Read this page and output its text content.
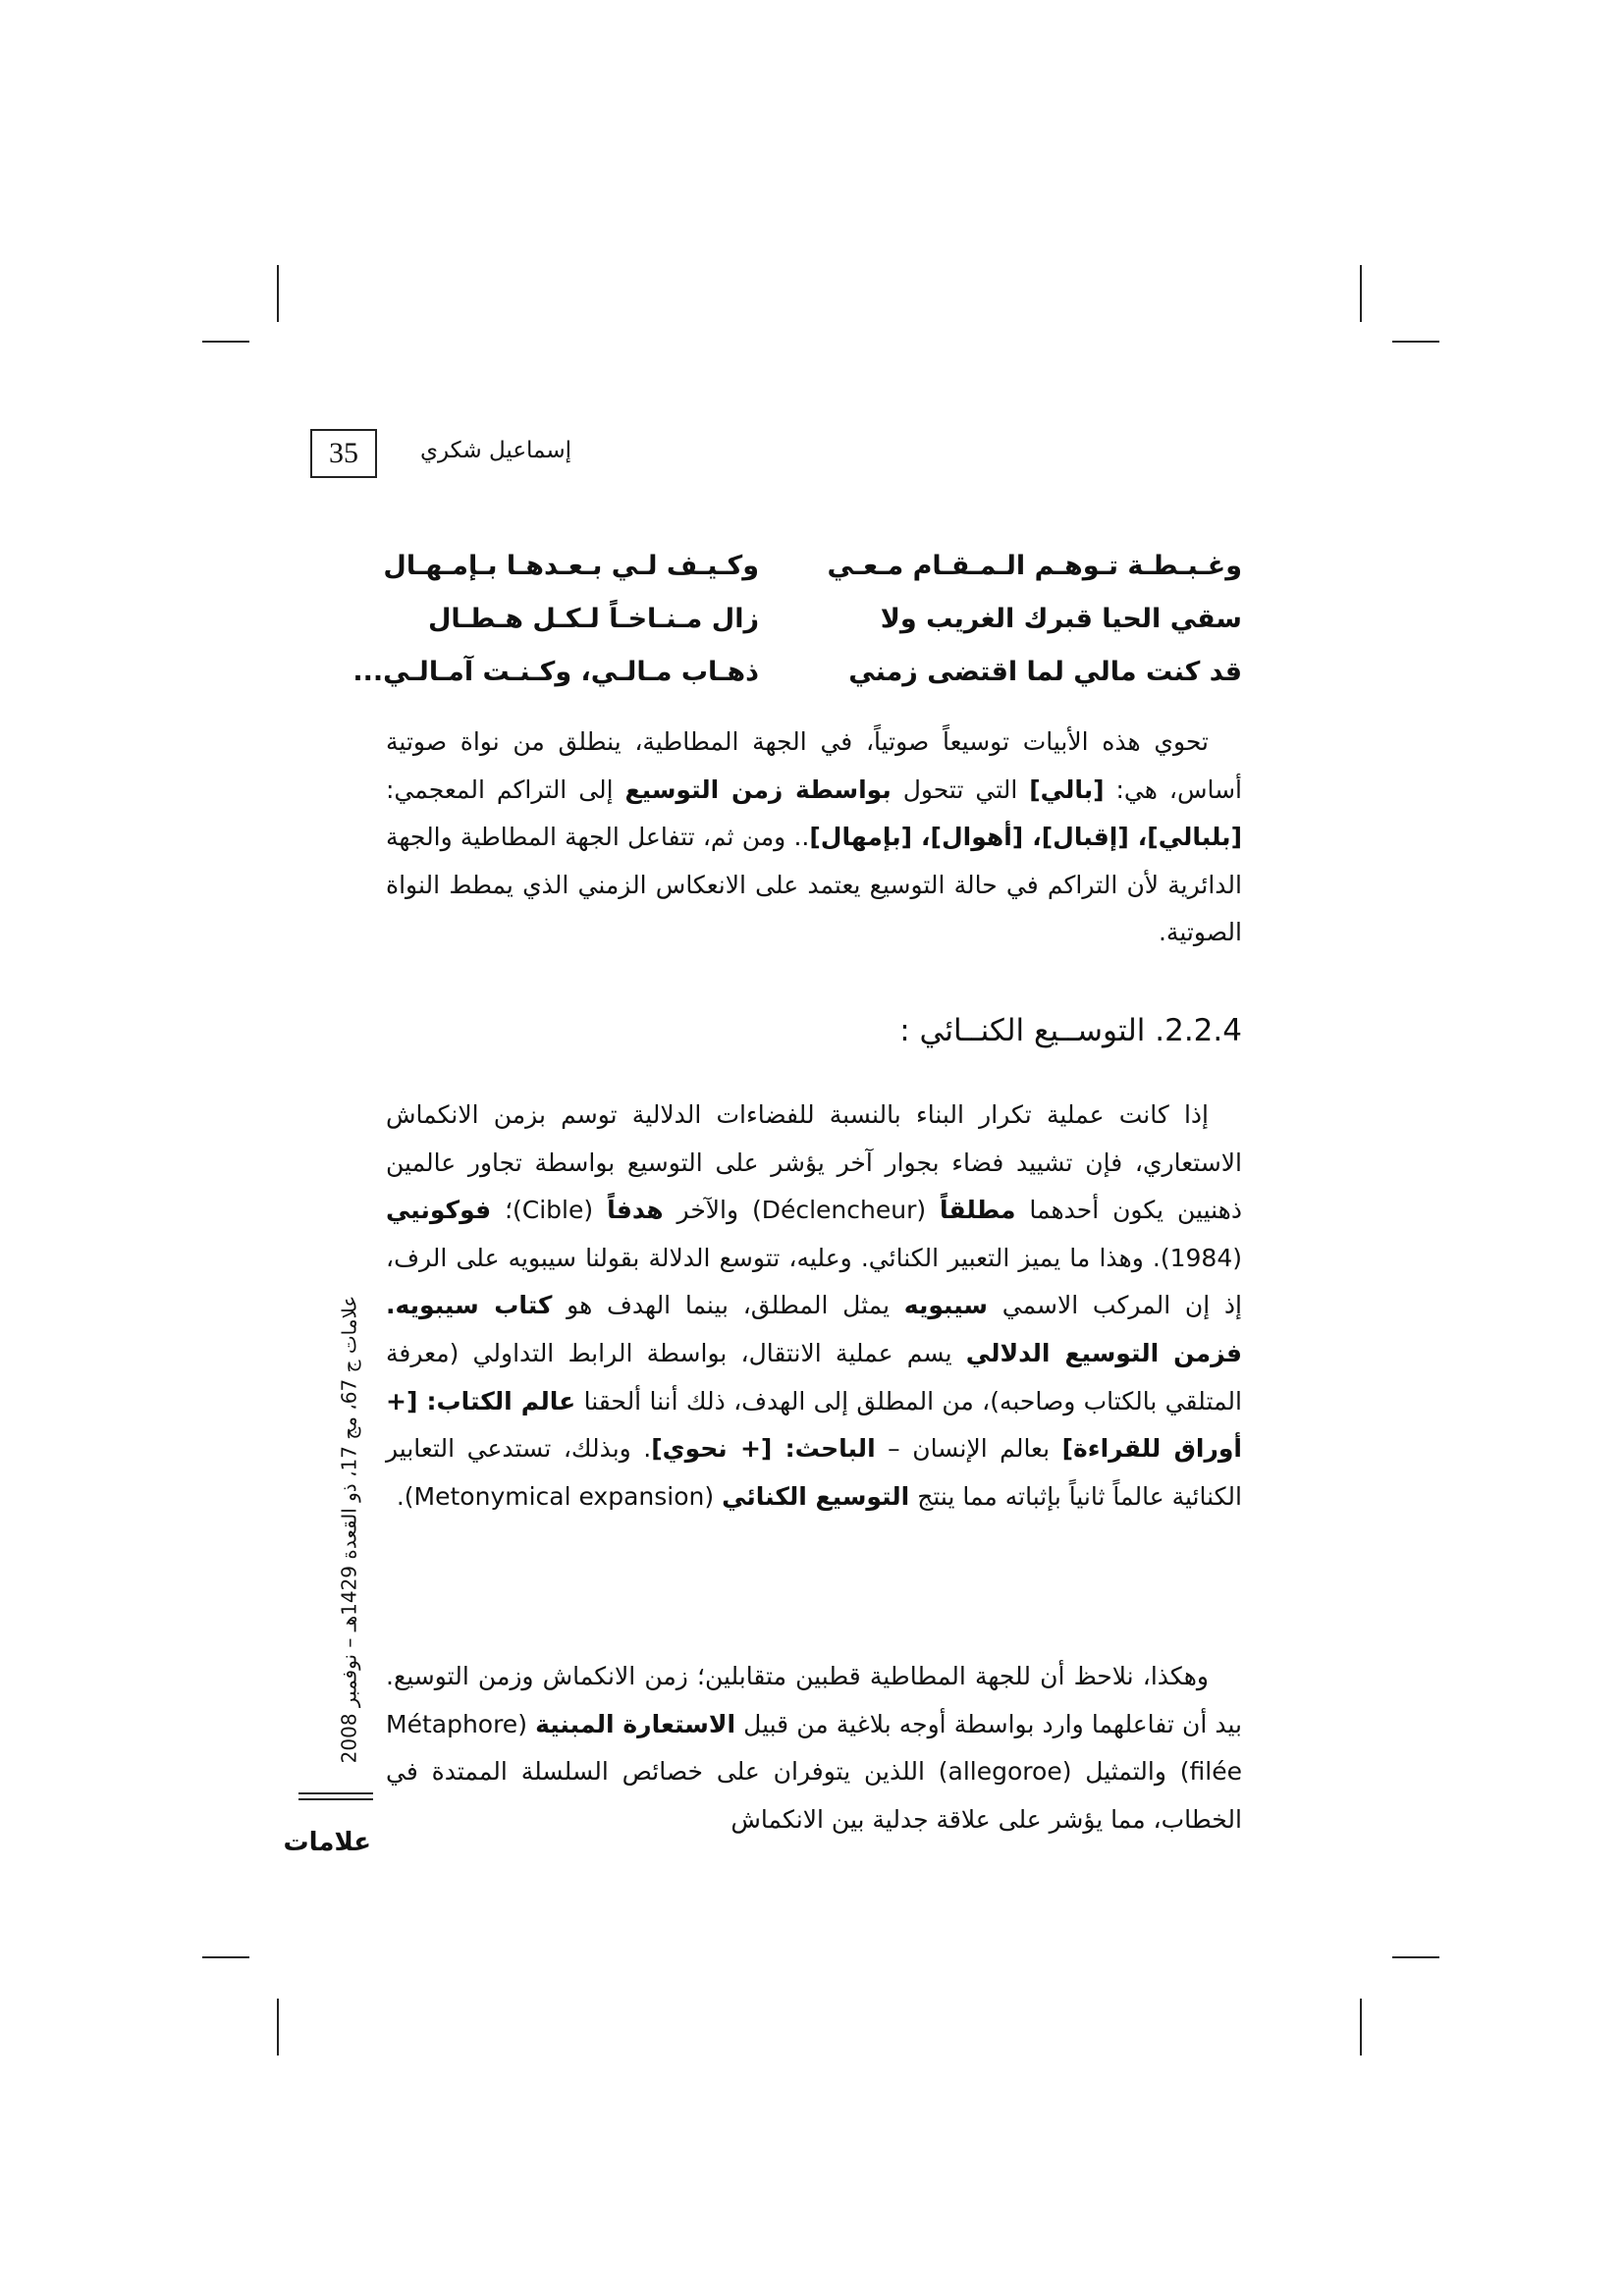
35	إسماعيل شكري
وغـبـطـة تـوهـم الـمـقـام مـعـي
وكـيـف لـي بـعـدهـا بـإمـهـال
سقي الحيا قبرك الغريب ولا
زال مـنـاخـاً لـكـل هـطـال
قد كنت مالي لما اقتضى زمني
ذهـاب مـالـي، وكـنـت آمـالـي...
تحوي هذه الأبيات توسيعاً صوتياً، في الجهة المطاطية، ينطلق من نواة صوتية أساس، هي: [بالي] التي تتحول بواسطة زمن التوسيع إلى التراكم المعجمي: [بلبالي]، [إقبال]، [أهوال]، [بإمهال].. ومن ثم، تتفاعل الجهة المطاطية والجهة الدائرية لأن التراكم في حالة التوسيع يعتمد على الانعكاس الزمني الذي يمطط النواة الصوتية.
2.2.4. التوســيع الكنــائي :
إذا كانت عملية تكرار البناء بالنسبة للفضاءات الدلالية توسم بزمن الانكماش الاستعاري، فإن تشييد فضاء بجوار آخر يؤشر على التوسيع بواسطة تجاور عالمين ذهنيين يكون أحدهما مطلقاً (Déclencheur) والآخر هدفاً (Cible)؛ فوكونيي (1984). وهذا ما يميز التعبير الكنائي. وعليه، تتوسع الدلالة بقولنا سيبويه على الرف، إذ إن المركب الاسمي سيبويه يمثل المطلق، بينما الهدف هو كتاب سيبويه. فزمن التوسيع الدلالي يسم عملية الانتقال، بواسطة الرابط التداولي (معرفة المتلقي بالكتاب وصاحبه)، من المطلق إلى الهدف، ذلك أننا ألحقنا عالم الكتاب: [+ أوراق للقراءة] بعالم الإنسان – الباحث: [+ نحوي]. وبذلك، تستدعي التعابير الكنائية عالماً ثانياً بإثباته مما ينتج التوسيع الكنائي (Metonymical expansion).
وهكذا، نلاحظ أن للجهة المطاطية قطبين متقابلين؛ زمن الانكماش وزمن التوسيع. بيد أن تفاعلهما وارد بواسطة أوجه بلاغية من قبيل الاستعارة المبنية (Métaphore filée) والتمثيل (allegoroe) اللذين يتوفران على خصائص السلسلة الممتدة في الخطاب، مما يؤشر على علاقة جدلية بين الانكماش
علامات ج 67، مج 17، ذو القعدة 1429هـ – نوفمبر 2008
علامات
